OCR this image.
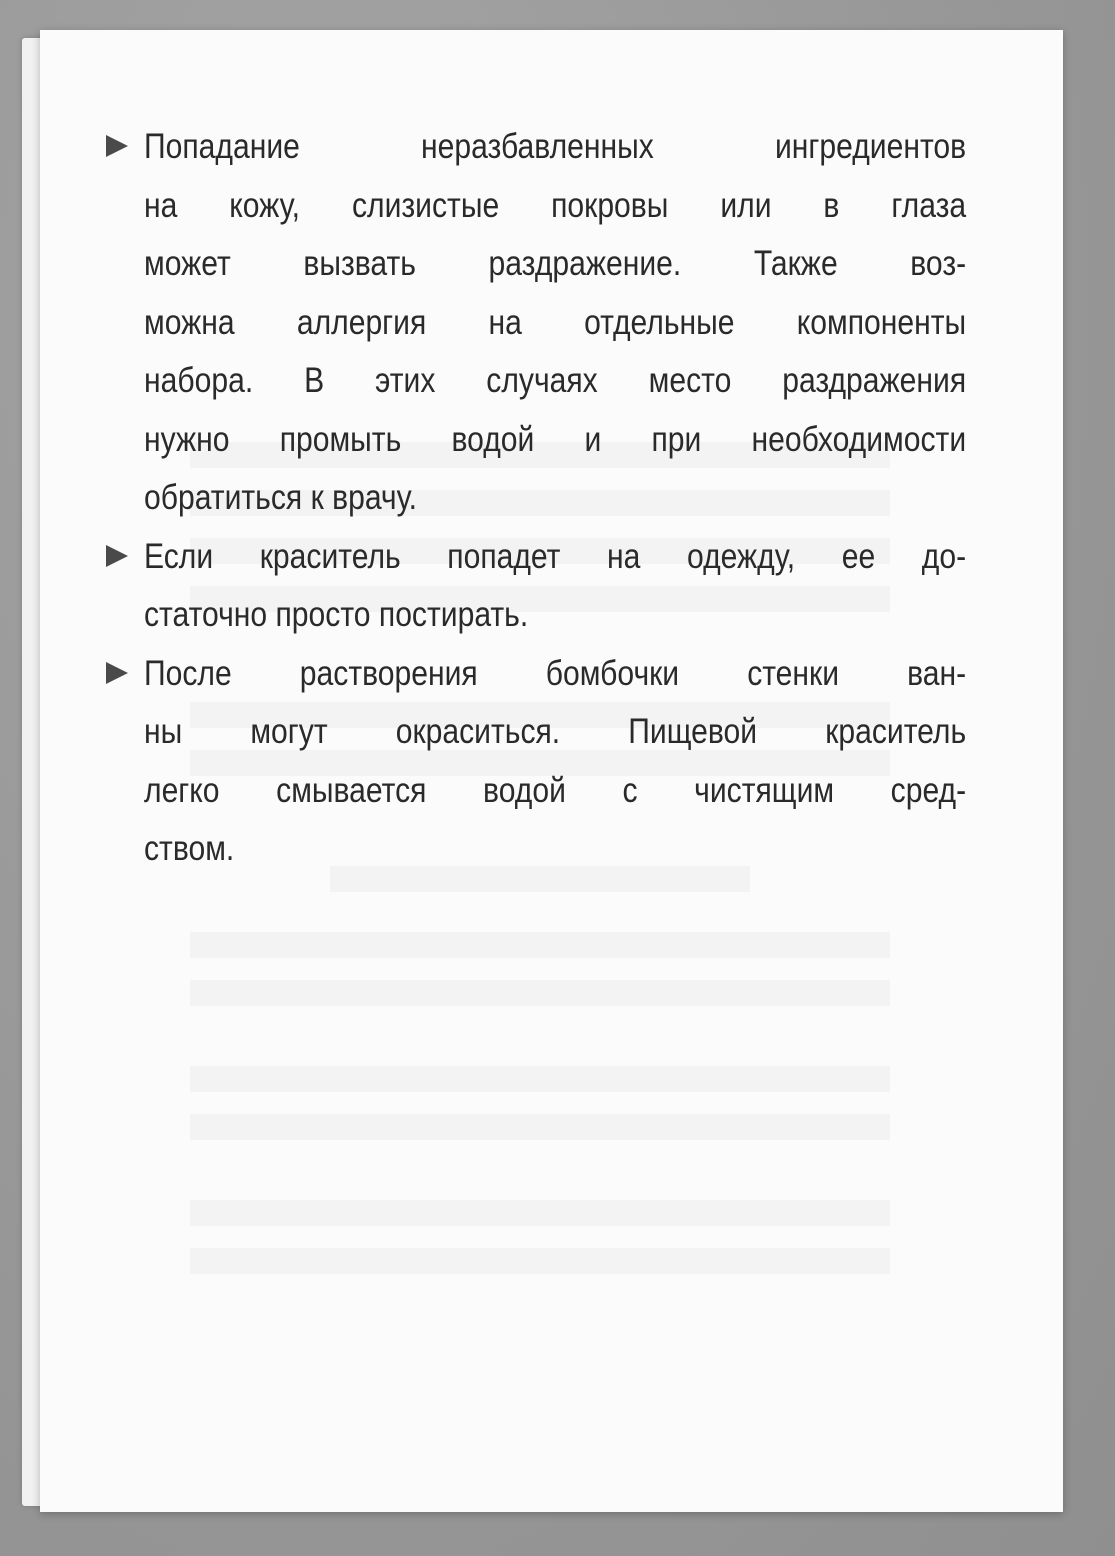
Попадание неразбавленных ингредиентов
на кожу, слизистые покровы или в глаза
может вызвать раздражение. Также воз-
можна аллергия на отдельные компоненты
набора. В этих случаях место раздражения
нужно промыть водой и при необходимости
обратиться к врачу.
Если краситель попадет на одежду, ее до-
статочно просто постирать.
После растворения бомбочки стенки ван-
ны могут окраситься. Пищевой краситель
легко смывается водой с чистящим сред-
ством.
